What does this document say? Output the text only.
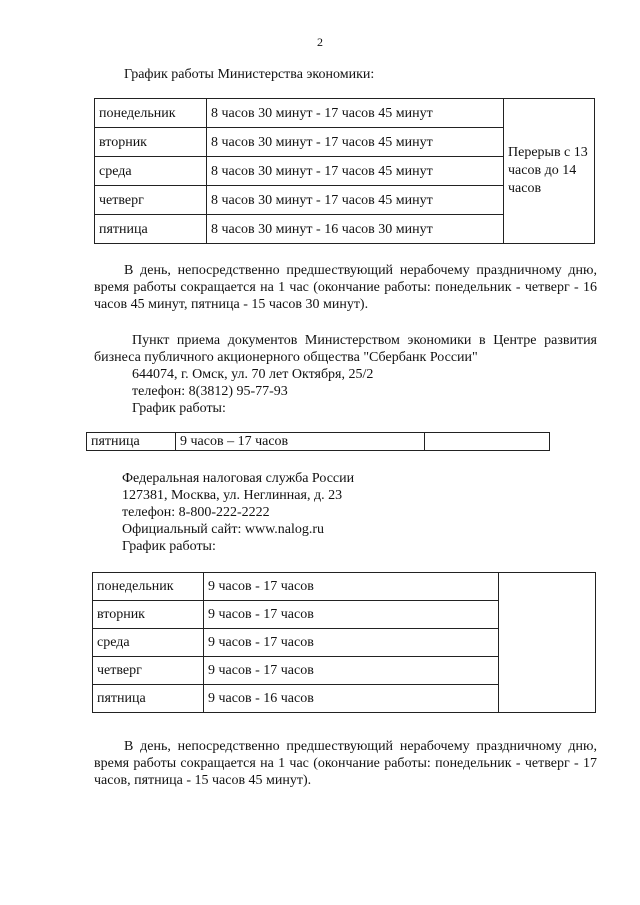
2
График работы Министерства экономики:
понедельник	8 часов 30 минут - 17 часов 45 минут	Перерыв с 13 часов до 14 часов
вторник	8 часов 30 минут - 17 часов 45 минут	
среда	8 часов 30 минут - 17 часов 45 минут	
четверг	8 часов 30 минут - 17 часов 45 минут	
пятница	8 часов 30 минут - 16 часов 30 минут	
В день, непосредственно предшествующий нерабочему праздничному дню, время работы сокращается на 1 час (окончание работы: понедельник - четверг - 16 часов 45 минут, пятница - 15 часов 30 минут).
Пункт приема документов Министерством экономики в Центре развития бизнеса публичного акционерного общества "Сбербанк России"
644074, г. Омск, ул. 70 лет Октября, 25/2
телефон: 8(3812) 95-77-93
График работы:
пятница	9 часов – 17 часов	
Федеральная налоговая служба России
127381, Москва, ул. Неглинная, д. 23
телефон: 8-800-222-2222
Официальный сайт: www.nalog.ru
График работы:
понедельник	9 часов - 17 часов	
вторник	9 часов - 17 часов	
среда	9 часов - 17 часов	
четверг	9 часов - 17 часов	
пятница	9 часов - 16 часов	
В день, непосредственно предшествующий нерабочему праздничному дню, время работы сокращается на 1 час (окончание работы: понедельник - четверг - 17 часов, пятница - 15 часов 45 минут).
